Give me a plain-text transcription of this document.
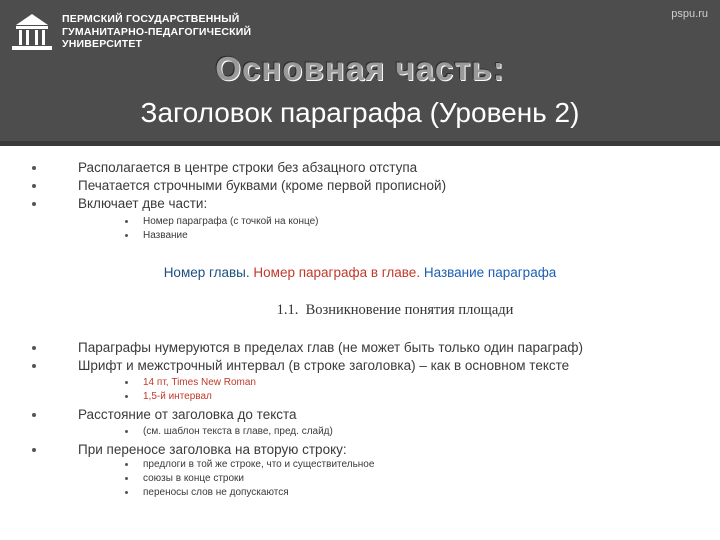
ПЕРМСКИЙ ГОСУДАРСТВЕННЫЙ
ГУМАНИТАРНО-ПЕДАГОГИЧЕСКИЙ
УНИВЕРСИТЕТ
pspu.ru
Основная часть:
Заголовок параграфа (Уровень 2)
Располагается в центре строки без абзацного отступа
Печатается строчными буквами (кроме первой прописной)
Включает две части:
Номер параграфа (с точкой на конце)
Название
Номер главы. Номер параграфа в главе. Название параграфа
1.1. Возникновение понятия площади
Параграфы нумеруются в пределах глав (не может быть только один параграф)
Шрифт и межстрочный интервал (в строке заголовка) – как в основном тексте
14 пт, Times New Roman
1,5-й интервал
Расстояние от заголовка до текста
(см. шаблон текста в главе, пред. слайд)
При переносе заголовка на вторую строку:
предлоги в той же строке, что и существительное
союзы в конце строки
переносы слов не допускаются
